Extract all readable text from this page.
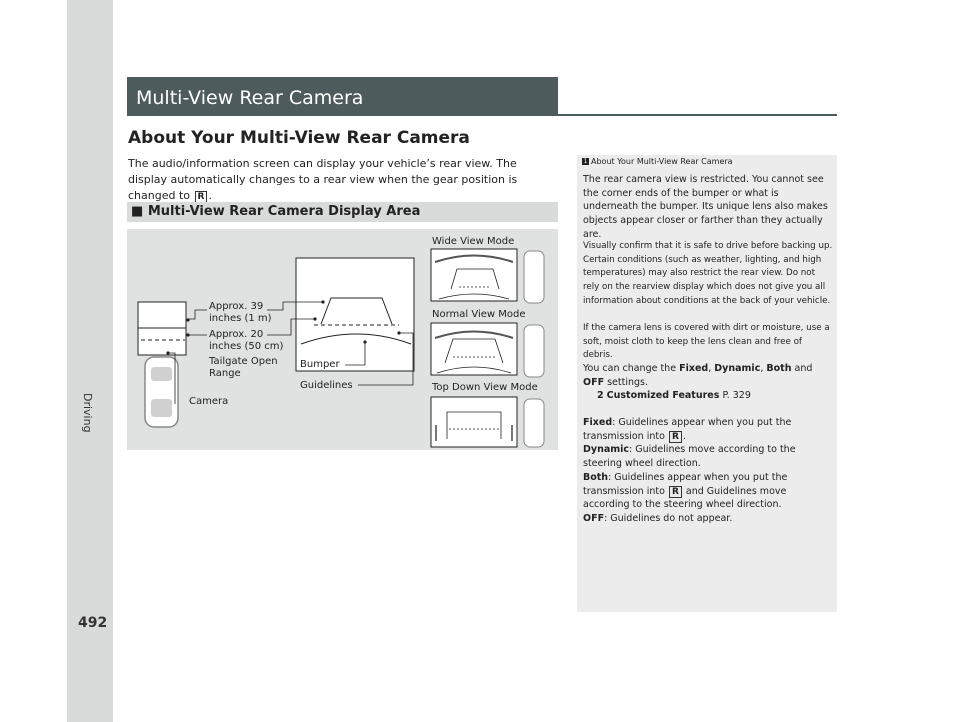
Driving
492
Multi-View Rear Camera
About Your Multi-View Rear Camera
The audio/information screen can display your vehicle’s rear view. The display automatically changes to a rear view when the gear position is changed to R .
■ Multi-View Rear Camera Display Area
Approx. 39
inches (1 m)
Approx. 20
inches (50 cm)
Tailgate Open
Range
Camera
Bumper
Guidelines
Wide View Mode
Normal View Mode
Top Down View Mode
1 About Your Multi-View Rear Camera
The rear camera view is restricted. You cannot see the corner ends of the bumper or what is underneath the bumper. Its unique lens also makes objects appear closer or farther than they actually are.
Visually confirm that it is safe to drive before backing up. Certain conditions (such as weather, lighting, and high temperatures) may also restrict the rear view. Do not rely on the rearview display which does not give you all information about conditions at the back of your vehicle.
If the camera lens is covered with dirt or moisture, use a soft, moist cloth to keep the lens clean and free of debris.
You can change the Fixed, Dynamic, Both and OFF settings.
2 Customized Features P. 329
Fixed: Guidelines appear when you put the transmission into R .
Dynamic: Guidelines move according to the steering wheel direction.
Both: Guidelines appear when you put the transmission into R and Guidelines move according to the steering wheel direction.
OFF: Guidelines do not appear.
